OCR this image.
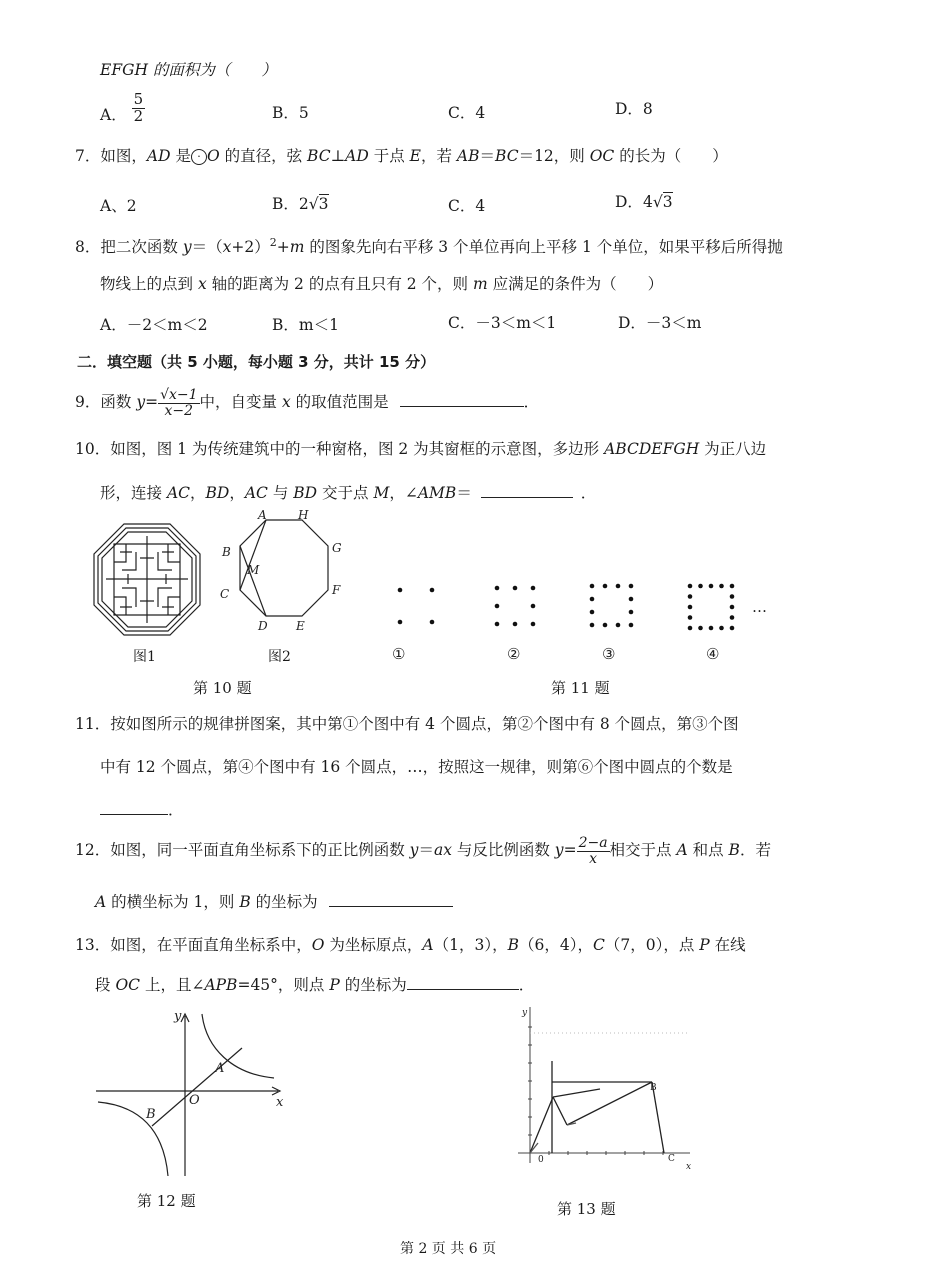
EFGH 的面积为（　　）
A． $\frac{5}{2}$	B．5	C．4	D．8
7．如图，AD 是 · O 的直径，弦 BC⊥AD 于点 E，若 AB＝BC＝12，则 OC 的长为（　　）
A、2	B．2√3	C．4	D．4√3
8．把二次函数 $y=(x+2)^2+m$ 的图象先向右平移 3 个单位再向上平移 1 个单位，如果平移后所得抛
物线上的点到 x 轴的距离为 2 的点有且只有 2 个，则 m 应满足的条件为（　　）
A．－2＜m＜2	B．m＜1	C．－3＜m＜1	D．－3＜m
二．填空题（共 5 小题，每小题 3 分，共计 15 分）
9．函数 $y= \frac{√x-1}{x-2}$ 中，自变量 x 的取值范围是	．
10．如图，图 1 为传统建筑中的一种窗格，图 2 为其窗框的示意图，多边形 ABCDEFGH 为正八边
形，连接 AC，BD，AC 与 BD 交于点 M，∠AMB＝	．
图1
A	H
G
F
E
D
C
B
M
图2
第 10 题
①	②	③	④
…
第 11 题
11．按如图所示的规律拼图案，其中第①个图中有 4 个圆点，第②个图中有 8 个圆点，第③个图
中有 12 个圆点，第④个图中有 16 个圆点，…，按照这一规律，则第⑥个图中圆点的个数是
．
12．如图，同一平面直角坐标系下的正比例函数 y＝ax 与反比例函数 $y= \frac{2-a}{x}$ 相交于点 A 和点 B．若
A 的横坐标为 1，则 B 的坐标为
13．如图，在平面直角坐标系中，O 为坐标原点，A（1，3），B（6，4），C（7，0），点 P 在线
段 OC 上，且∠APB=45°，则点 P 的坐标为	．
y
x
O
A
B
第 12 题
y
x
0
B
C
第 13 题
第 2 页 共 6 页
